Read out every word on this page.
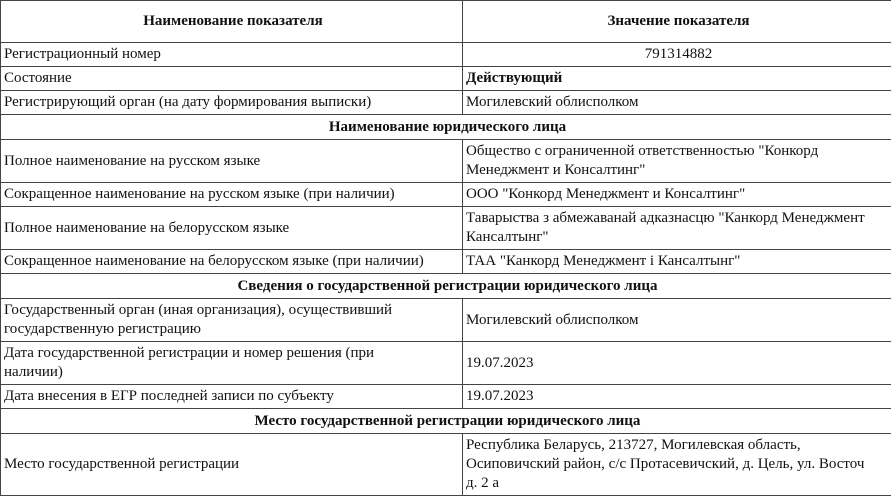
Наименование показателя	Значение показателя
Регистрационный номер	791314882
Состояние	Действующий
Регистрирующий орган (на дату формирования выписки)	Могилевский облисполком
Наименование юридического лица	
Полное наименование на русском языке	Общество с ограниченной ответственностью "Конкорд
Менеджмент и Консалтинг"

Сокращенное наименование на русском языке (при наличии)	ООО "Конкорд Менеджмент и Консалтинг"
Полное наименование на белорусском языке	Таварыства з абмежаванай адказнасцю "Канкорд Менеджмент
Кансалтынг"

Сокращенное наименование на белорусском языке (при наличии)	ТАА "Канкорд Менеджмент і Кансалтынг"
Сведения о государственной регистрации юридического лица	

Государственный орган (иная организация), осуществивший
государственную регистрацию	Могилевский облисполком

Дата государственной регистрации и номер решения (при
наличии)	19.07.2023
Дата внесения в ЕГР последней записи по субъекту	19.07.2023
Место государственной регистрации юридического лица	
Место государственной регистрации	Республика Беларусь, 213727, Могилевская область,
Осиповичский район, с/с Протасевичский, д. Цель, ул. Восточ
д. 2 а
